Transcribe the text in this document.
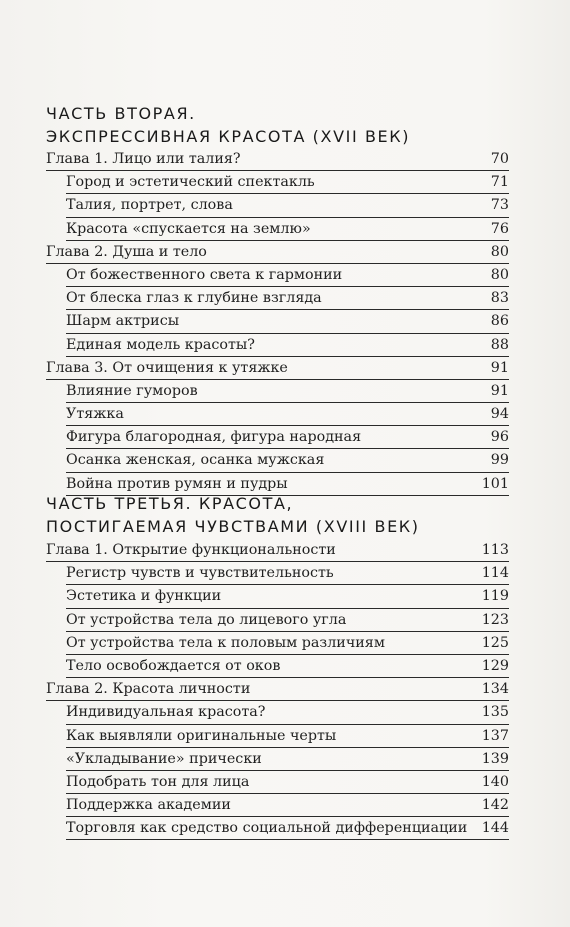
ЧАСТЬ ВТОРАЯ.
ЭКСПРЕССИВНАЯ КРАСОТА (XVII ВЕК)
Глава 1. Лицо или талия?	70
Город и эстетический спектакль	71
Талия, портрет, слова	73
Красота «спускается на землю»	76
Глава 2. Душа и тело	80
От божественного света к гармонии	80
От блеска глаз к глубине взгляда	83
Шарм актрисы	86
Единая модель красоты?	88
Глава 3. От очищения к утяжке	91
Влияние гуморов	91
Утяжка	94
Фигура благородная, фигура народная	96
Осанка женская, осанка мужская	99
Война против румян и пудры	101
ЧАСТЬ ТРЕТЬЯ. КРАСОТА,
ПОСТИГАЕМАЯ ЧУВСТВАМИ (XVIII ВЕК)
Глава 1. Открытие функциональности	113
Регистр чувств и чувствительность	114
Эстетика и функции	119
От устройства тела до лицевого угла	123
От устройства тела к половым различиям	125
Тело освобождается от оков	129
Глава 2. Красота личности	134
Индивидуальная красота?	135
Как выявляли оригинальные черты	137
«Укладывание» прически	139
Подобрать тон для лица	140
Поддержка академии	142
Торговля как средство социальной дифференциации 144
